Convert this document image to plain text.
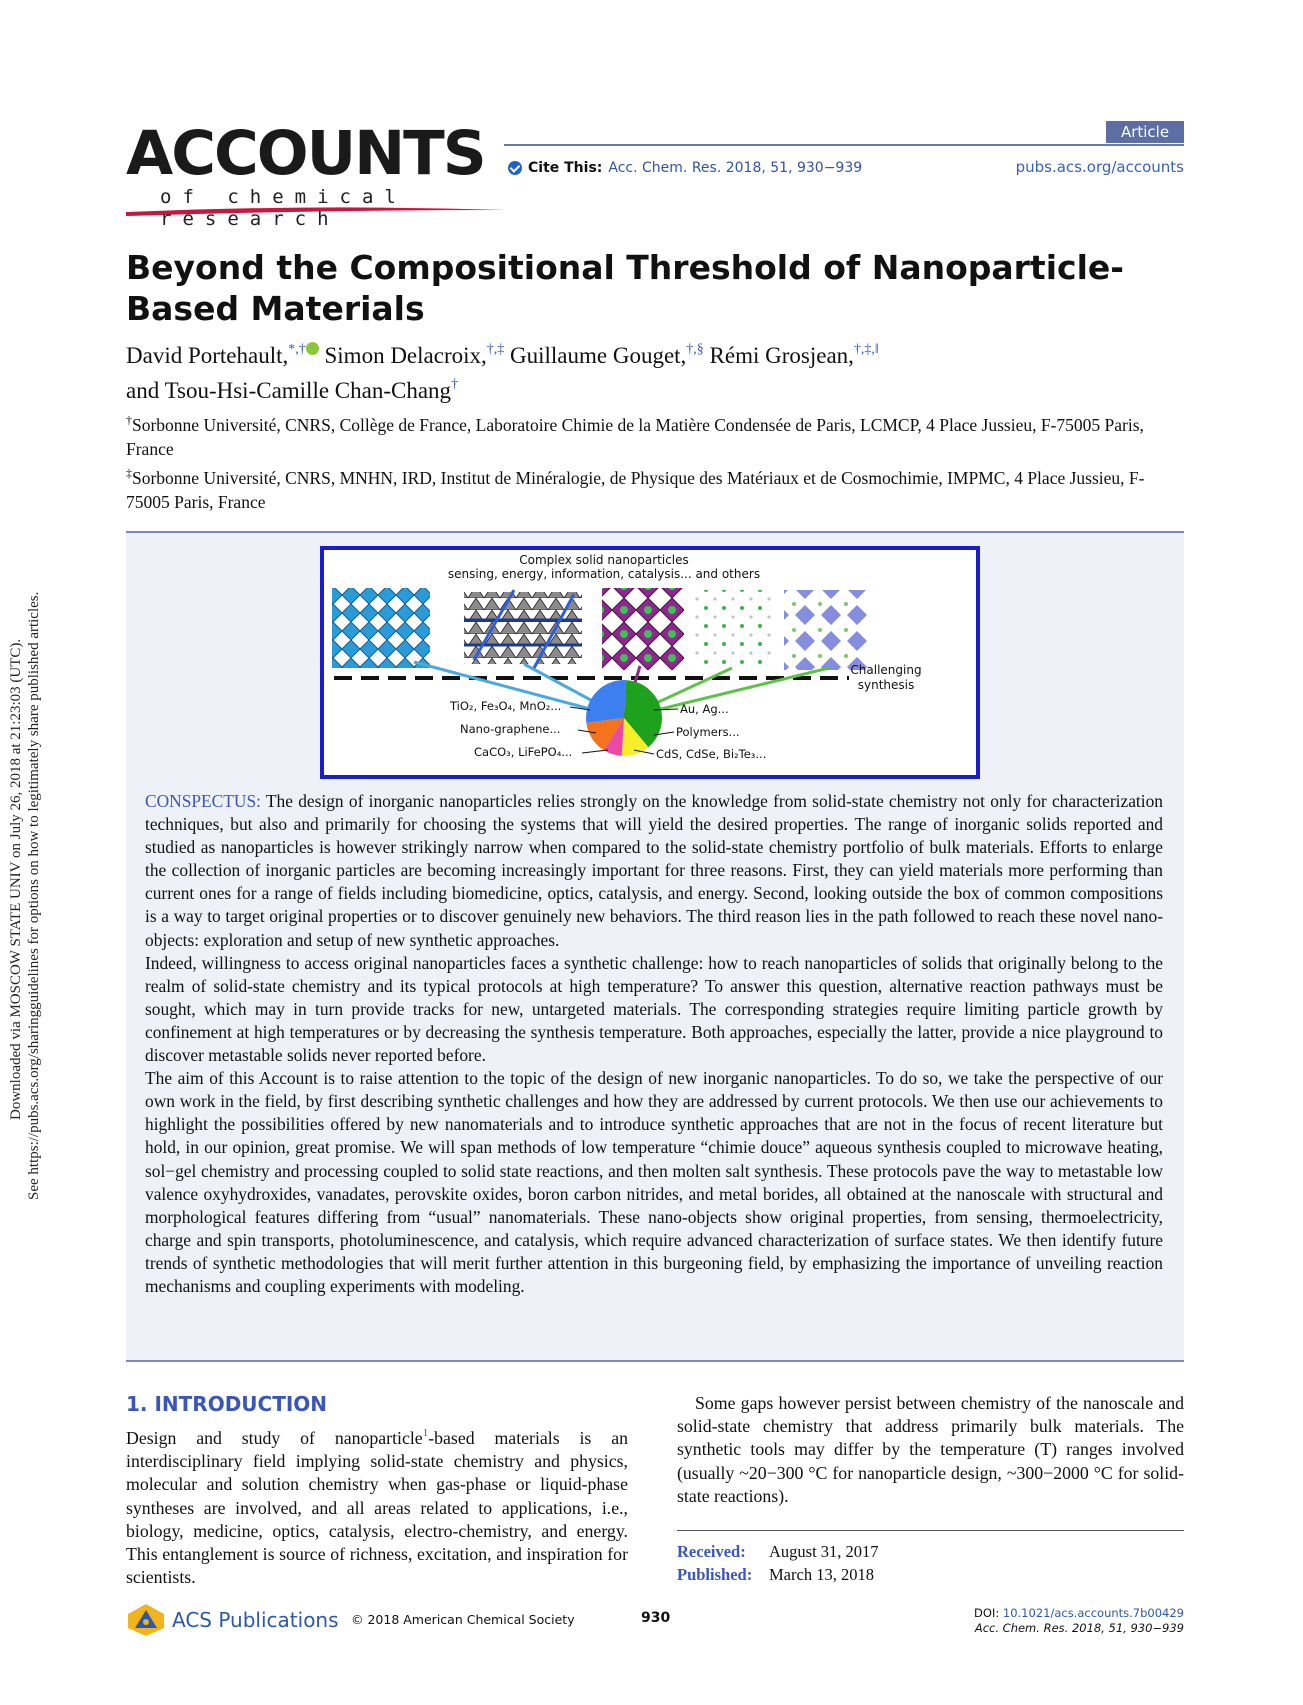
Downloaded via MOSCOW STATE UNIV on July 26, 2018 at 21:23:03 (UTC). See https://pubs.acs.org/sharingguidelines for options on how to legitimately share published articles.
ACCOUNTS
of chemical research
Article
Cite This: Acc. Chem. Res. 2018, 51, 930−939	pubs.acs.org/accounts
Beyond the Compositional Threshold of Nanoparticle-Based Materials
David Portehault,*,† Simon Delacroix,†,‡ Guillaume Gouget,†,§ Rémi Grosjean,†,‡,‖
and Tsou-Hsi-Camille Chan-Chang†
†Sorbonne Université, CNRS, Collège de France, Laboratoire Chimie de la Matière Condensée de Paris, LCMCP, 4 Place Jussieu, F-75005 Paris, France
‡Sorbonne Université, CNRS, MNHN, IRD, Institut de Minéralogie, de Physique des Matériaux et de Cosmochimie, IMPMC, 4 Place Jussieu, F-75005 Paris, France
Complex solid nanoparticles
sensing, energy, information, catalysis... and others
Challenging
synthesis
TiO₂, Fe₃O₄, MnO₂...
Nano-graphene...
CaCO₃, LiFePO₄...
Au, Ag...
Polymers...
CdS, CdSe, Bi₂Te₃...

CONSPECTUS: The design of inorganic nanoparticles relies strongly on the knowledge from solid-state chemistry not only for characterization techniques, but also and primarily for choosing the systems that will yield the desired properties. The range of inorganic solids reported and studied as nanoparticles is however strikingly narrow when compared to the solid-state chemistry portfolio of bulk materials. Efforts to enlarge the collection of inorganic particles are becoming increasingly important for three reasons. First, they can yield materials more performing than current ones for a range of fields including biomedicine, optics, catalysis, and energy. Second, looking outside the box of common compositions is a way to target original properties or to discover genuinely new behaviors. The third reason lies in the path followed to reach these novel nano-objects: exploration and setup of new synthetic approaches.

Indeed, willingness to access original nanoparticles faces a synthetic challenge: how to reach nanoparticles of solids that originally belong to the realm of solid-state chemistry and its typical protocols at high temperature? To answer this question, alternative reaction pathways must be sought, which may in turn provide tracks for new, untargeted materials. The corresponding strategies require limiting particle growth by confinement at high temperatures or by decreasing the synthesis temperature. Both approaches, especially the latter, provide a nice playground to discover metastable solids never reported before.

The aim of this Account is to raise attention to the topic of the design of new inorganic nanoparticles. To do so, we take the perspective of our own work in the field, by first describing synthetic challenges and how they are addressed by current protocols. We then use our achievements to highlight the possibilities offered by new nanomaterials and to introduce synthetic approaches that are not in the focus of recent literature but hold, in our opinion, great promise. We will span methods of low temperature “chimie douce” aqueous synthesis coupled to microwave heating, sol−gel chemistry and processing coupled to solid state reactions, and then molten salt synthesis. These protocols pave the way to metastable low valence oxyhydroxides, vanadates, perovskite oxides, boron carbon nitrides, and metal borides, all obtained at the nanoscale with structural and morphological features differing from “usual” nanomaterials. These nano-objects show original properties, from sensing, thermoelectricity, charge and spin transports, photoluminescence, and catalysis, which require advanced characterization of surface states. We then identify future trends of synthetic methodologies that will merit further attention in this burgeoning field, by emphasizing the importance of unveiling reaction mechanisms and coupling experiments with modeling.

1. INTRODUCTION

Design and study of nanoparticle$^1$-based materials is an interdisciplinary field implying solid-state chemistry and physics, molecular and solution chemistry when gas-phase or liquid-phase syntheses are involved, and all areas related to applications, i.e., biology, medicine, optics, catalysis, electro-chemistry, and energy. This entanglement is source of richness, excitation, and inspiration for scientists.

Some gaps however persist between chemistry of the nanoscale and solid-state chemistry that address primarily bulk materials. The synthetic tools may differ by the temperature (T) ranges involved (usually ~20−300 °C for nanoparticle design, ~300−2000 °C for solid-state reactions).

Received: August 31, 2017
Published: March 13, 2018
ACS Publications © 2018 American Chemical Society	930	DOI: 10.1021/acs.accounts.7b00429
Acc. Chem. Res. 2018, 51, 930−939
